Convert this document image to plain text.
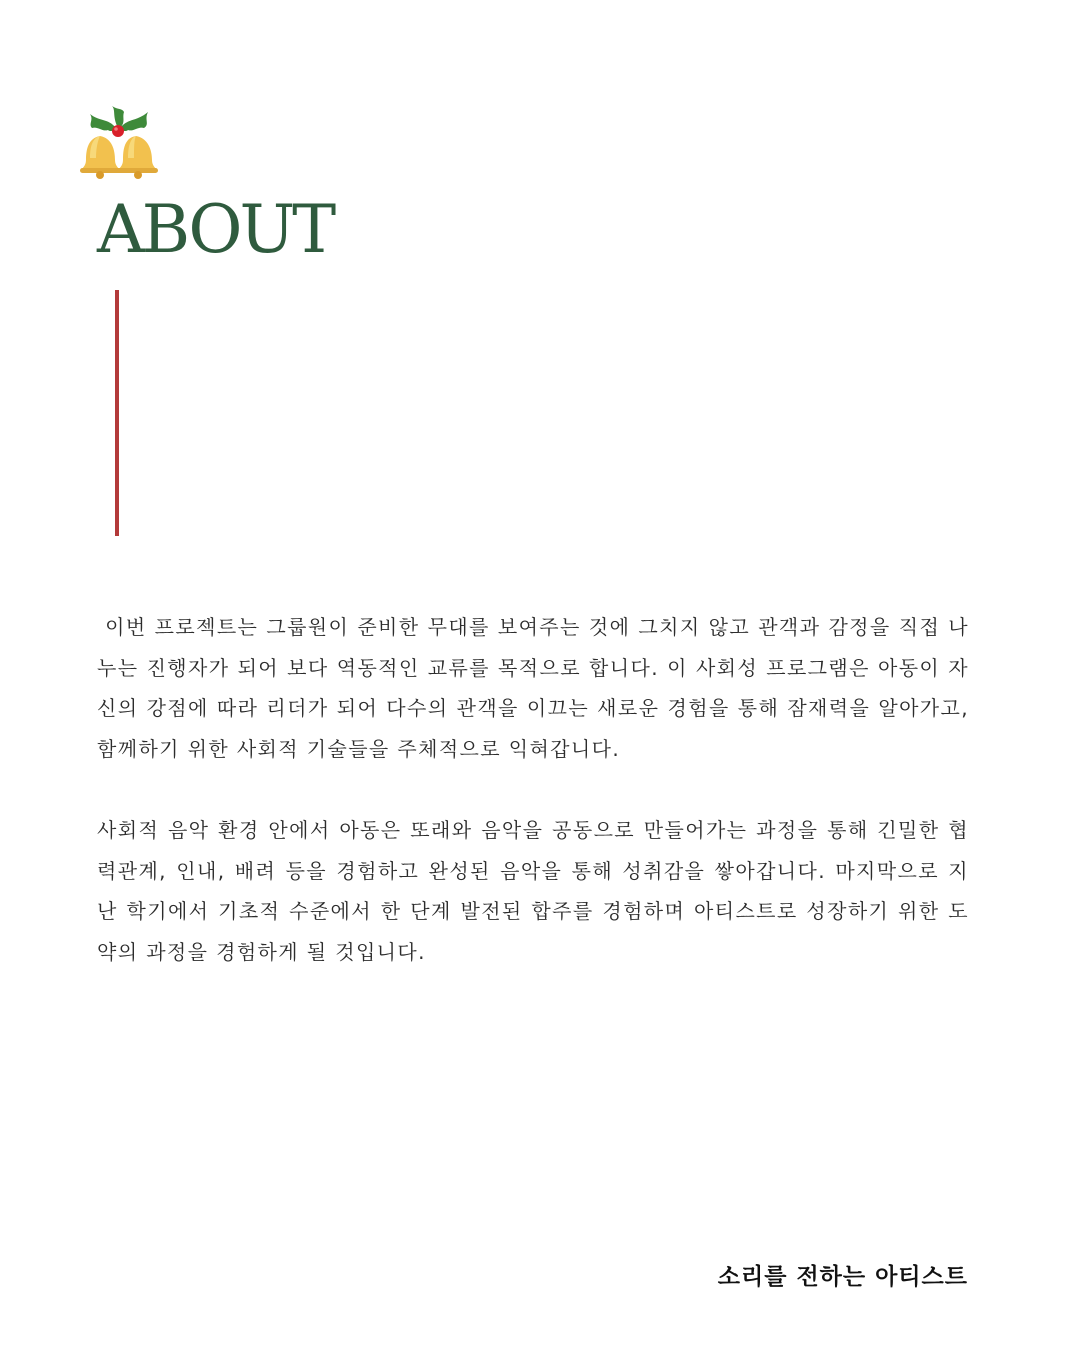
ABOUT

이번 프로젝트는 그룹원이 준비한 무대를 보여주는 것에 그치지 않고 관객과 감정을 직접 나누는 진행자가 되어 보다 역동적인 교류를 목적으로 합니다. 이 사회성 프로그램은 아동이 자신의 강점에 따라 리더가 되어 다수의 관객을 이끄는 새로운 경험을 통해 잠재력을 알아가고, 함께하기 위한 사회적 기술들을 주체적으로 익혀갑니다.

사회적 음악 환경 안에서 아동은 또래와 음악을 공동으로 만들어가는 과정을 통해 긴밀한 협력관계, 인내, 배려 등을 경험하고 완성된 음악을 통해 성취감을 쌓아갑니다. 마지막으로 지난 학기에서 기초적 수준에서 한 단계 발전된 합주를 경험하며 아티스트로 성장하기 위한 도약의 과정을 경험하게 될 것입니다.

소리를 전하는 아티스트
